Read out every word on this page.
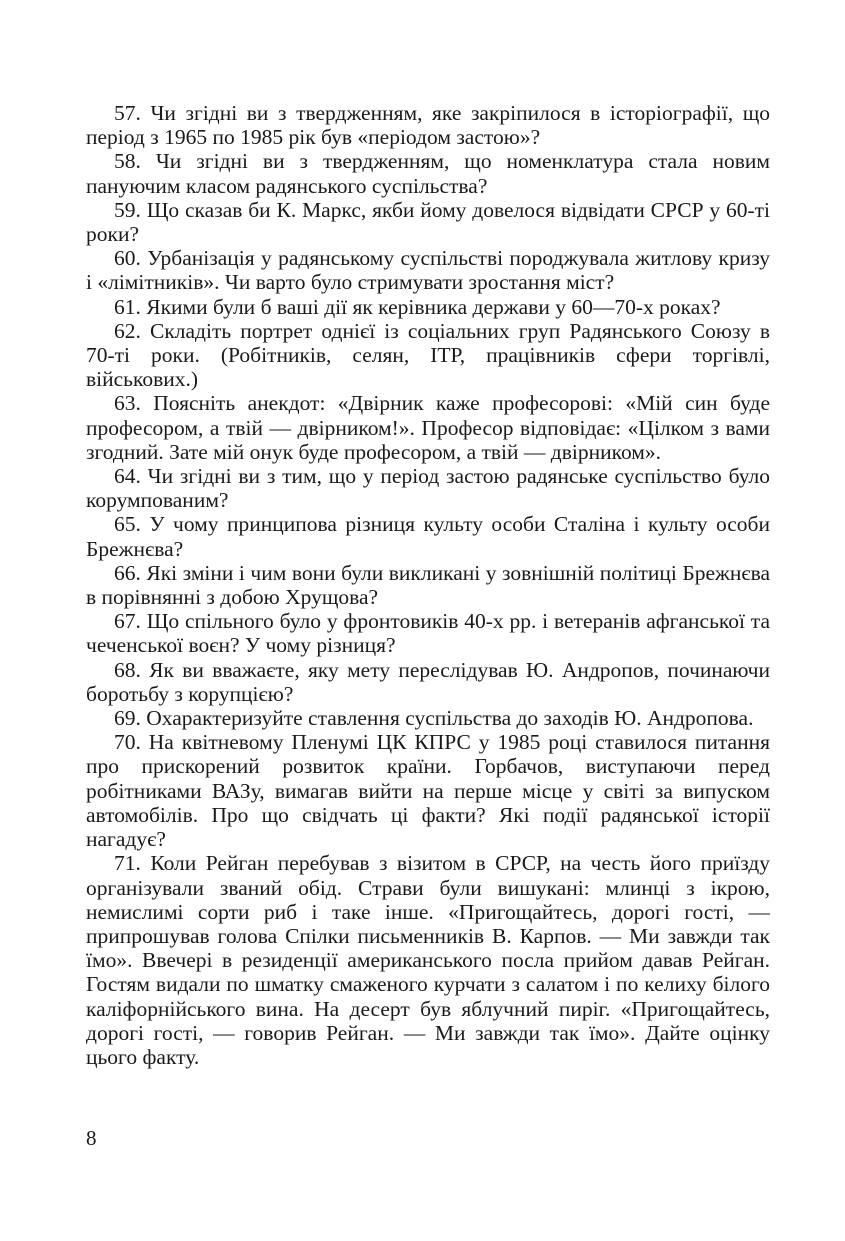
57. Чи згідні ви з твердженням, яке закріпилося в історіографії, що період з 1965 по 1985 рік був «періодом застою»?

58. Чи згідні ви з твердженням, що номенклатура стала новим пануючим класом радянського суспільства?

59. Що сказав би К. Маркс, якби йому довелося відвідати СРСР у 60-ті роки?

60. Урбанізація у радянському суспільстві породжувала житлову кризу і «лімітників». Чи варто було стримувати зростання міст?

61. Якими були б ваші дії як керівника держави у 60—70-х роках?

62. Складіть портрет однієї із соціальних груп Радянського Союзу в 70-ті роки. (Робітників, селян, ІТР, працівників сфери торгівлі, військових.)

63. Поясніть анекдот: «Двірник каже професорові: «Мій син буде професором, а твій — двірником!». Професор відповідає: «Цілком з вами згодний. Зате мій онук буде професором, а твій — двірником».

64. Чи згідні ви з тим, що у період застою радянське суспільство було корумпованим?

65. У чому принципова різниця культу особи Сталіна і культу особи Брежнєва?

66. Які зміни і чим вони були викликані у зовнішній політиці Брежнєва в порівнянні з добою Хрущова?

67. Що спільного було у фронтовиків 40-х рр. і ветеранів афганської та чеченської воєн? У чому різниця?

68. Як ви вважаєте, яку мету переслідував Ю. Андропов, починаючи боротьбу з корупцією?

69. Охарактеризуйте ставлення суспільства до заходів Ю. Андропова.

70. На квітневому Пленумі ЦК КПРС у 1985 році ставилося питання про прискорений розвиток країни. Горбачов, виступаючи перед робітниками ВАЗу, вимагав вийти на перше місце у світі за випуском автомобілів. Про що свідчать ці факти? Які події радянської історії нагадує?

71. Коли Рейган перебував з візитом в СРСР, на честь його приїзду організували званий обід. Страви були вишукані: млинці з ікрою, немислимі сорти риб і таке інше. «Пригощайтесь, дорогі гості, — припрошував голова Спілки письменників В. Карпов. — Ми завжди так їмо». Ввечері в резиденції американського посла прийом давав Рейган. Гостям видали по шматку смаженого курчати з салатом і по келиху білого каліфорнійського вина. На десерт був яблучний пиріг. «Пригощайтесь, дорогі гості, — говорив Рейган. — Ми завжди так їмо». Дайте оцінку цього факту.

8
